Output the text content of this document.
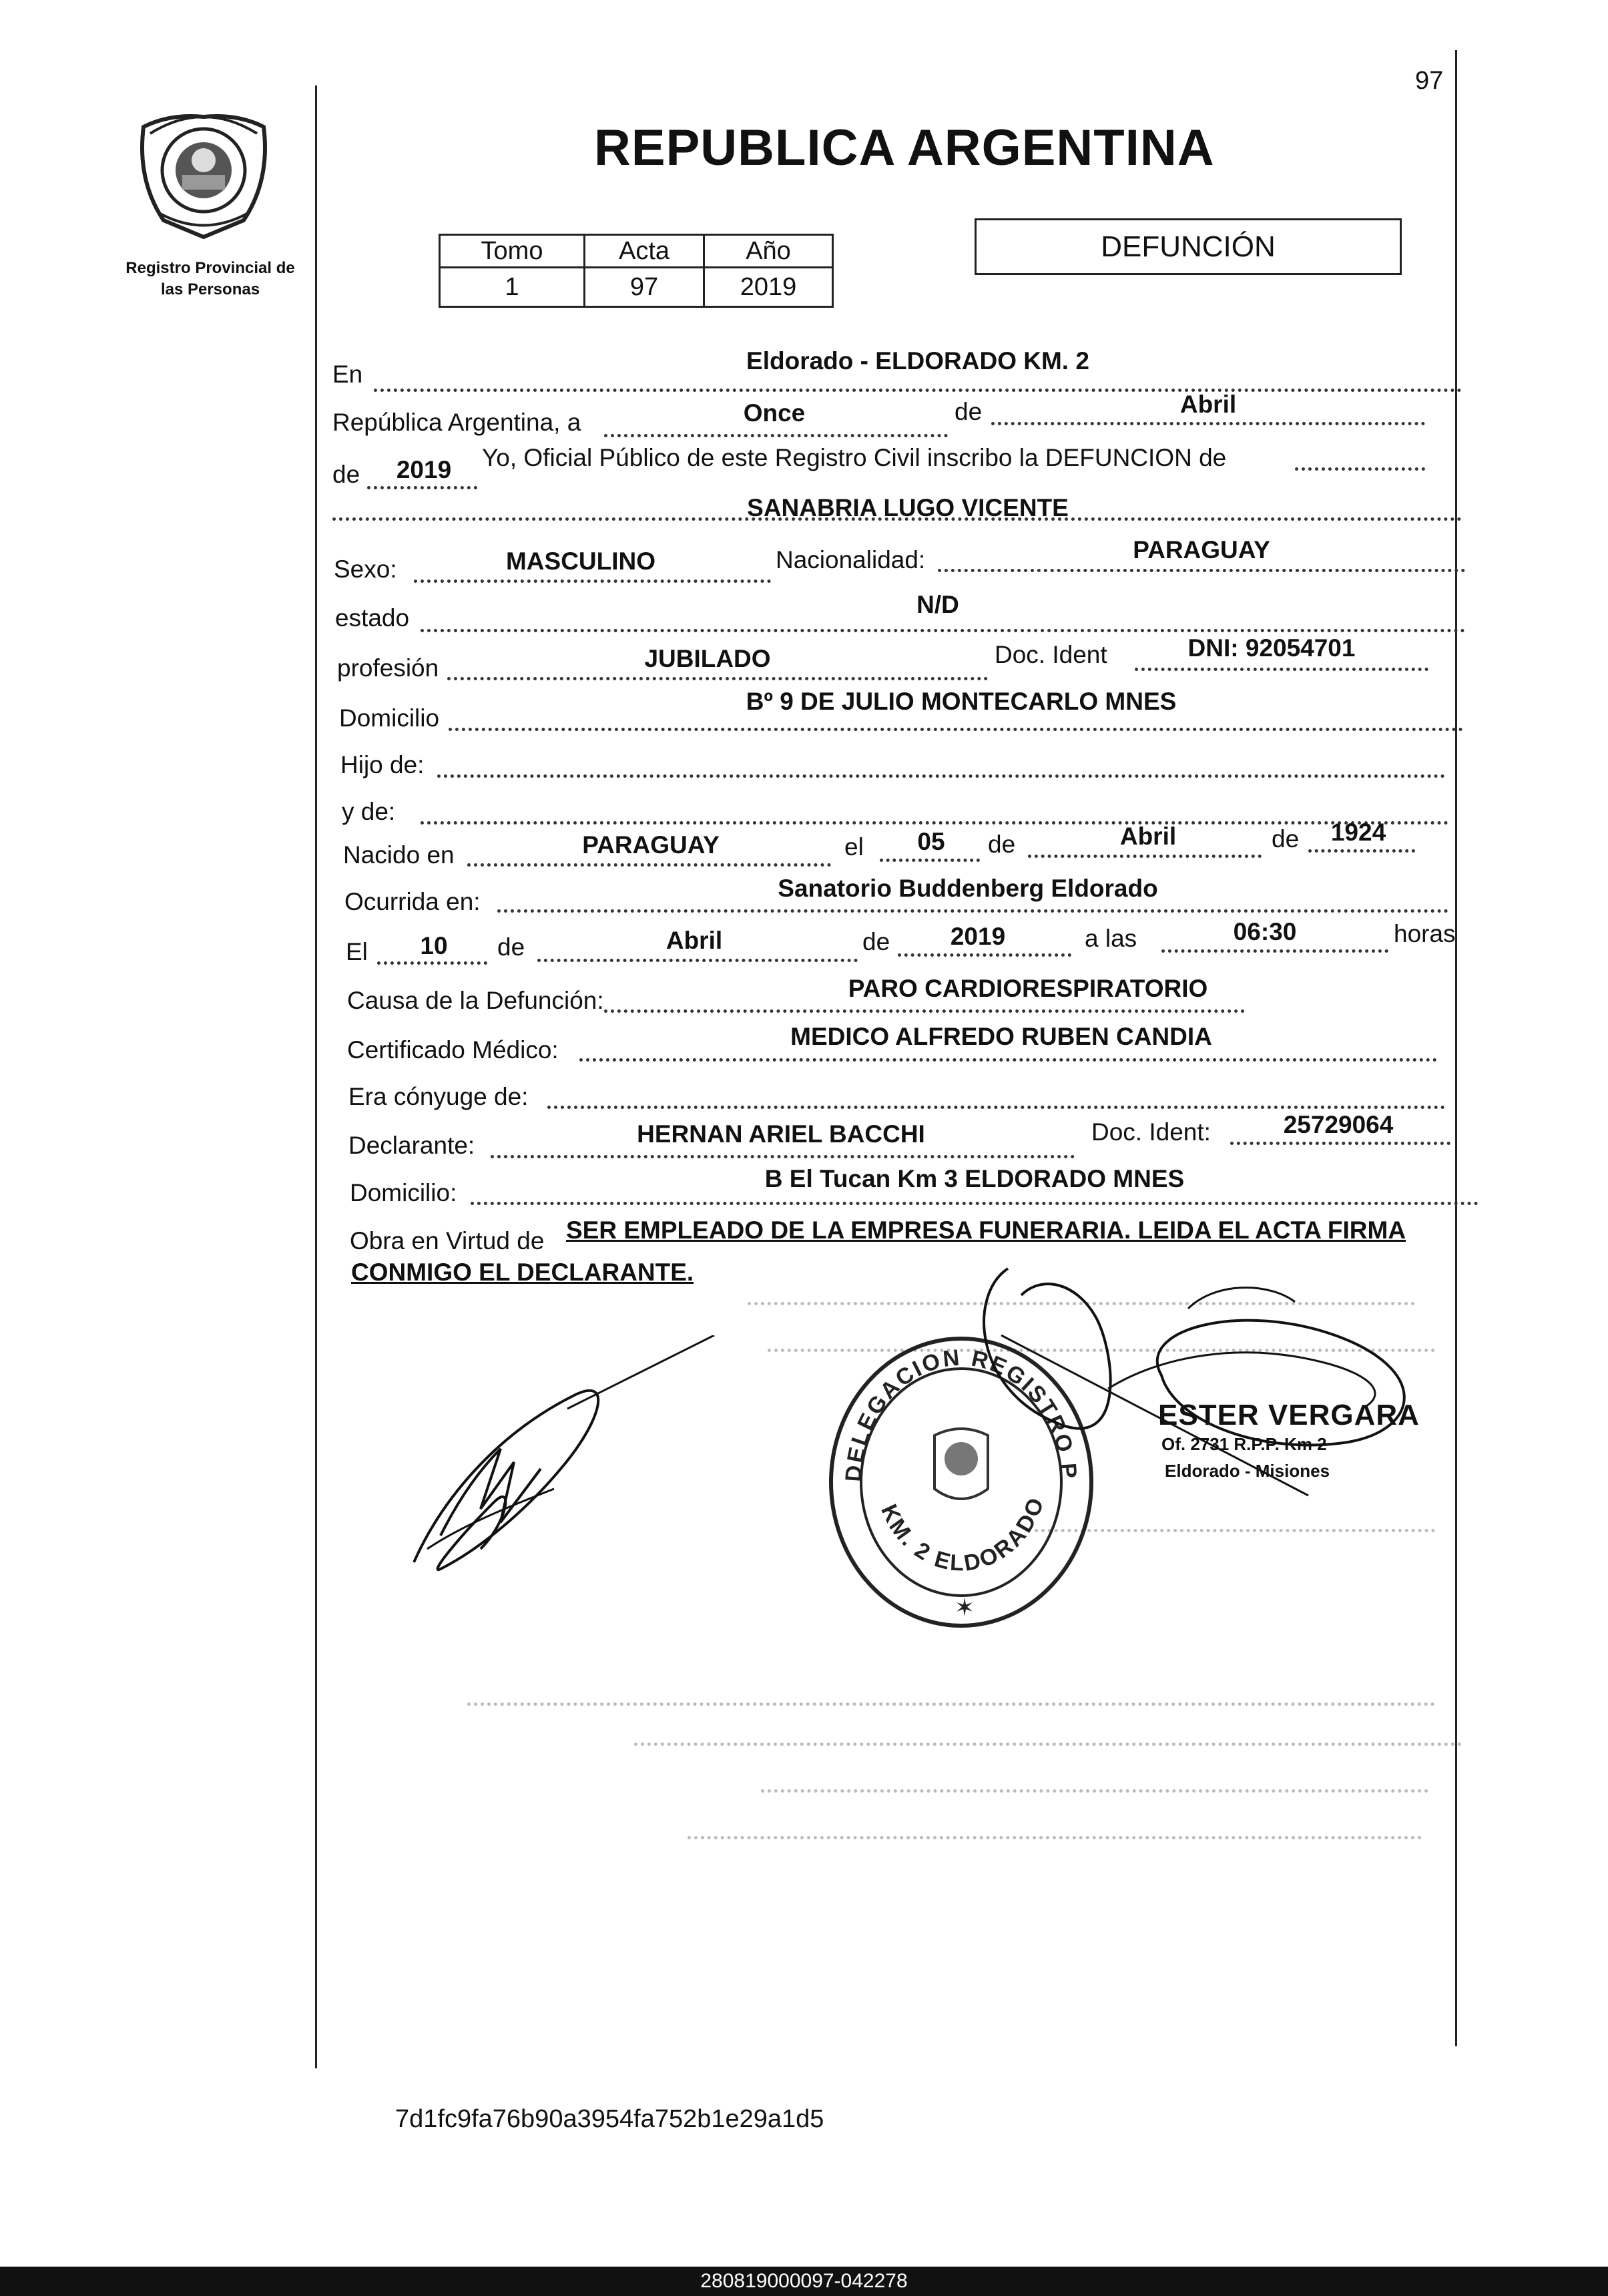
97
Registro Provincial de
las Personas
REPUBLICA ARGENTINA
Tomo	Acta	Año
1	97	2019
DEFUNCIÓN
En	Eldorado - ELDORADO KM. 2
República Argentina, a	Once	de	Abril
de	2019	Yo, Oficial Público de este Registro Civil inscribo la DEFUNCION de
SANABRIA LUGO VICENTE
Sexo:	MASCULINO	Nacionalidad:	PARAGUAY
estado	N/D
profesión	JUBILADO	Doc. Ident	DNI: 92054701
Domicilio
Bº 9 DE JULIO MONTECARLO MNES
Hijo de:
y de:
Nacido en	PARAGUAY	el	05	de	Abril	de	1924
Ocurrida en:	Sanatorio Buddenberg Eldorado
El	10	de	Abril	de	2019	a las	06:30	horas
Causa de la Defunción:	PARO CARDIORESPIRATORIO
Certificado Médico:	MEDICO ALFREDO RUBEN CANDIA
Era cónyuge de:
Declarante:	HERNAN ARIEL BACCHI	Doc. Ident:	25729064
Domicilio:
B El Tucan Km 3 ELDORADO MNES
Obra en Virtud de SER EMPLEADO DE LA EMPRESA FUNERARIA. LEIDA EL ACTA FIRMA
CONMIGO EL DECLARANTE.
DELEGACION REGISTRO P
KM. 2 ELDORADO
✶
ESTER VERGARA
Of. 2731 R.P.P. Km 2
Eldorado - Misiones
7d1fc9fa76b90a3954fa752b1e29a1d5
280819000097-042278
